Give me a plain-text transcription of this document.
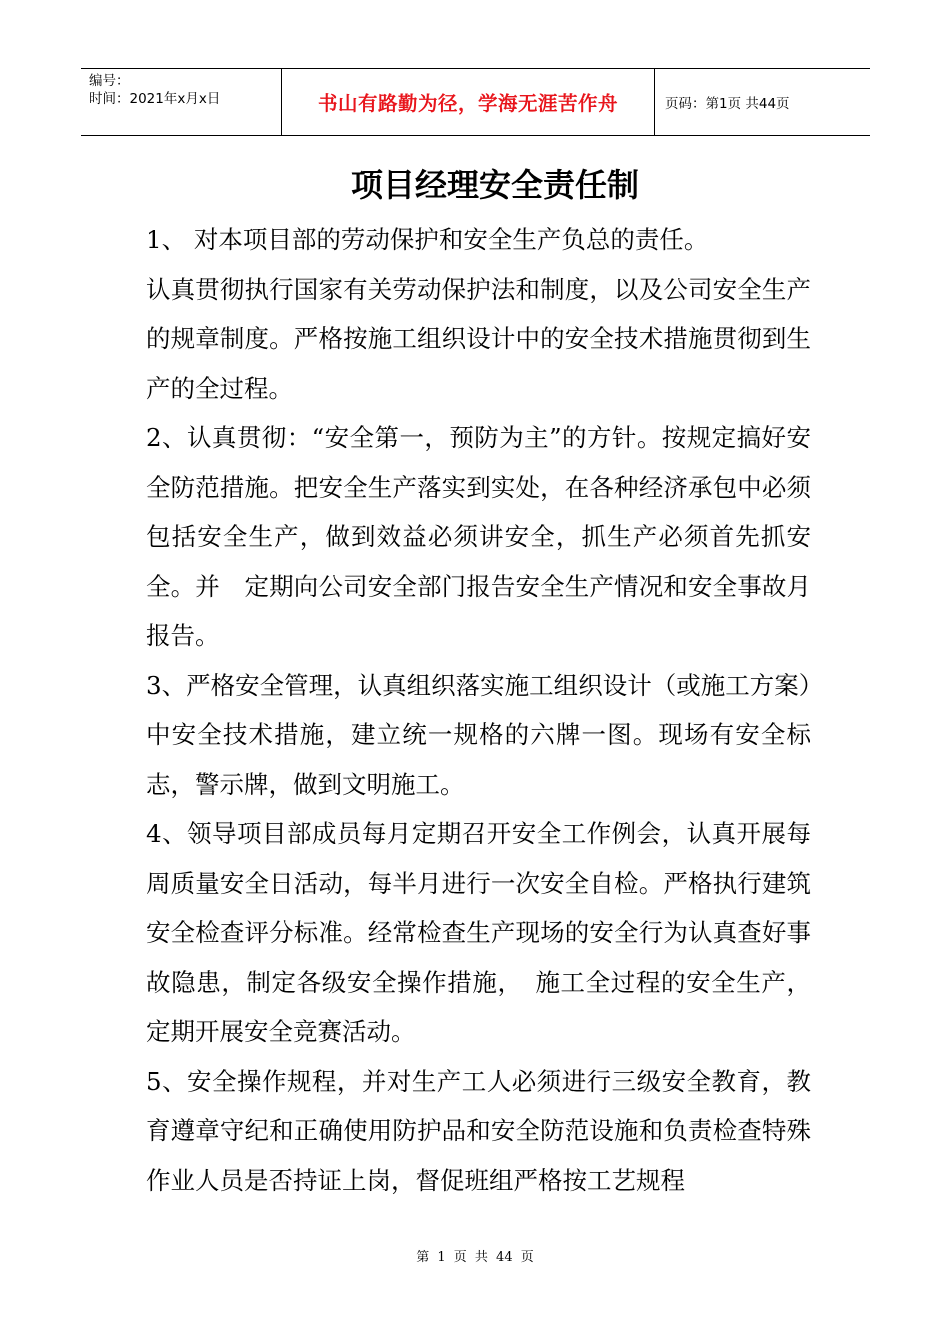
编号：
时间：2021年x月x日	书山有路勤为径，学海无涯苦作舟	页码：第1页 共44页
项目经理安全责任制

1、 对本项目部的劳动保护和安全生产负总的责任。

认真贯彻执行国家有关劳动保护法和制度，以及公司安全生产的规章制度。严格按施工组织设计中的安全技术措施贯彻到生产的全过程。

2、认真贯彻：“安全第一，预防为主”的方针。按规定搞好安全防范措施。把安全生产落实到实处，在各种经济承包中必须包括安全生产，做到效益必须讲安全，抓生产必须首先抓安全。并　定期向公司安全部门报告安全生产情况和安全事故月报告。

3、严格安全管理，认真组织落实施工组织设计（或施工方案）中安全技术措施，建立统一规格的六牌一图。现场有安全标志，警示牌，做到文明施工。

4、领导项目部成员每月定期召开安全工作例会，认真开展每周质量安全日活动，每半月进行一次安全自检。严格执行建筑安全检查评分标准。经常检查生产现场的安全行为认真查好事故隐患，制定各级安全操作措施，　施工全过程的安全生产，定期开展安全竞赛活动。

5、安全操作规程，并对生产工人必须进行三级安全教育，教育遵章守纪和正确使用防护品和安全防范设施和负责检查特殊作业人员是否持证上岗，督促班组严格按工艺规程

第 1 页 共 44 页
